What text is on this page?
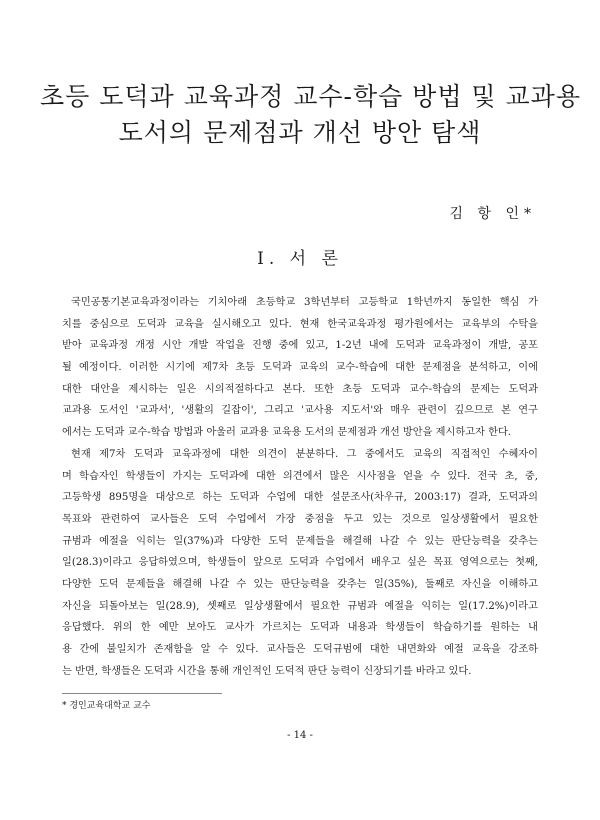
초등 도덕과 교육과정 교수-학습 방법 및 교과용
도서의 문제점과 개선 방안 탐색
김 항 인*
I. 서 론
국민공통기본교육과정이라는 기치아래 초등학교 3학년부터 고등학교 1학년까지 동일한 핵심 가
치를 중심으로 도덕과 교육을 실시해오고 있다. 현재 한국교육과정 평가원에서는 교육부의 수탁을
받아 교육과정 개정 시안 개발 작업을 진행 중에 있고, 1-2년 내에 도덕과 교육과정이 개발, 공포
될 예정이다. 이러한 시기에 제7차 초등 도덕과 교육의 교수-학습에 대한 문제점을 분석하고, 이에
대한 대안을 제시하는 일은 시의적절하다고 본다. 또한 초등 도덕과 교수-학습의 문제는 도덕과
교과용 도서인 '교과서', '생활의 길잡이', 그리고 '교사용 지도서'와 매우 관련이 깊으므로 본 연구
에서는 도덕과 교수-학습 방법과 아울러 교과용 교육용 도서의 문제점과 개선 방안을 제시하고자 한다.
현재 제7차 도덕과 교육과정에 대한 의견이 분분하다. 그 중에서도 교육의 직접적인 수혜자이
며 학습자인 학생들이 가지는 도덕과에 대한 의견에서 많은 시사점을 얻을 수 있다. 전국 초, 중,
고등학생 895명을 대상으로 하는 도덕과 수업에 대한 설문조사(차우규, 2003:17) 결과, 도덕과의
목표와 관련하여 교사들은 도덕 수업에서 가장 중점을 두고 있는 것으로 일상생활에서 필요한
규범과 예절을 익히는 일(37%)과 다양한 도덕 문제들을 해결해 나갈 수 있는 판단능력을 갖추는
일(28.3)이라고 응답하였으며, 학생들이 앞으로 도덕과 수업에서 배우고 싶은 목표 영역으로는 첫째,
다양한 도덕 문제들을 해결해 나갈 수 있는 판단능력을 갖추는 일(35%), 둘째로 자신을 이해하고
자신을 되돌아보는 일(28.9), 셋째로 일상생활에서 필요한 규범과 예절을 익히는 일(17.2%)이라고
응답했다. 위의 한 예만 보아도 교사가 가르치는 도덕과 내용과 학생들이 학습하기를 원하는 내
용 간에 불일치가 존재함을 알 수 있다. 교사들은 도덕규범에 대한 내면화와 예절 교육을 강조하
는 반면, 학생들은 도덕과 시간을 통해 개인적인 도덕적 판단 능력이 신장되기를 바라고 있다.
* 경인교육대학교 교수
- 14 -
